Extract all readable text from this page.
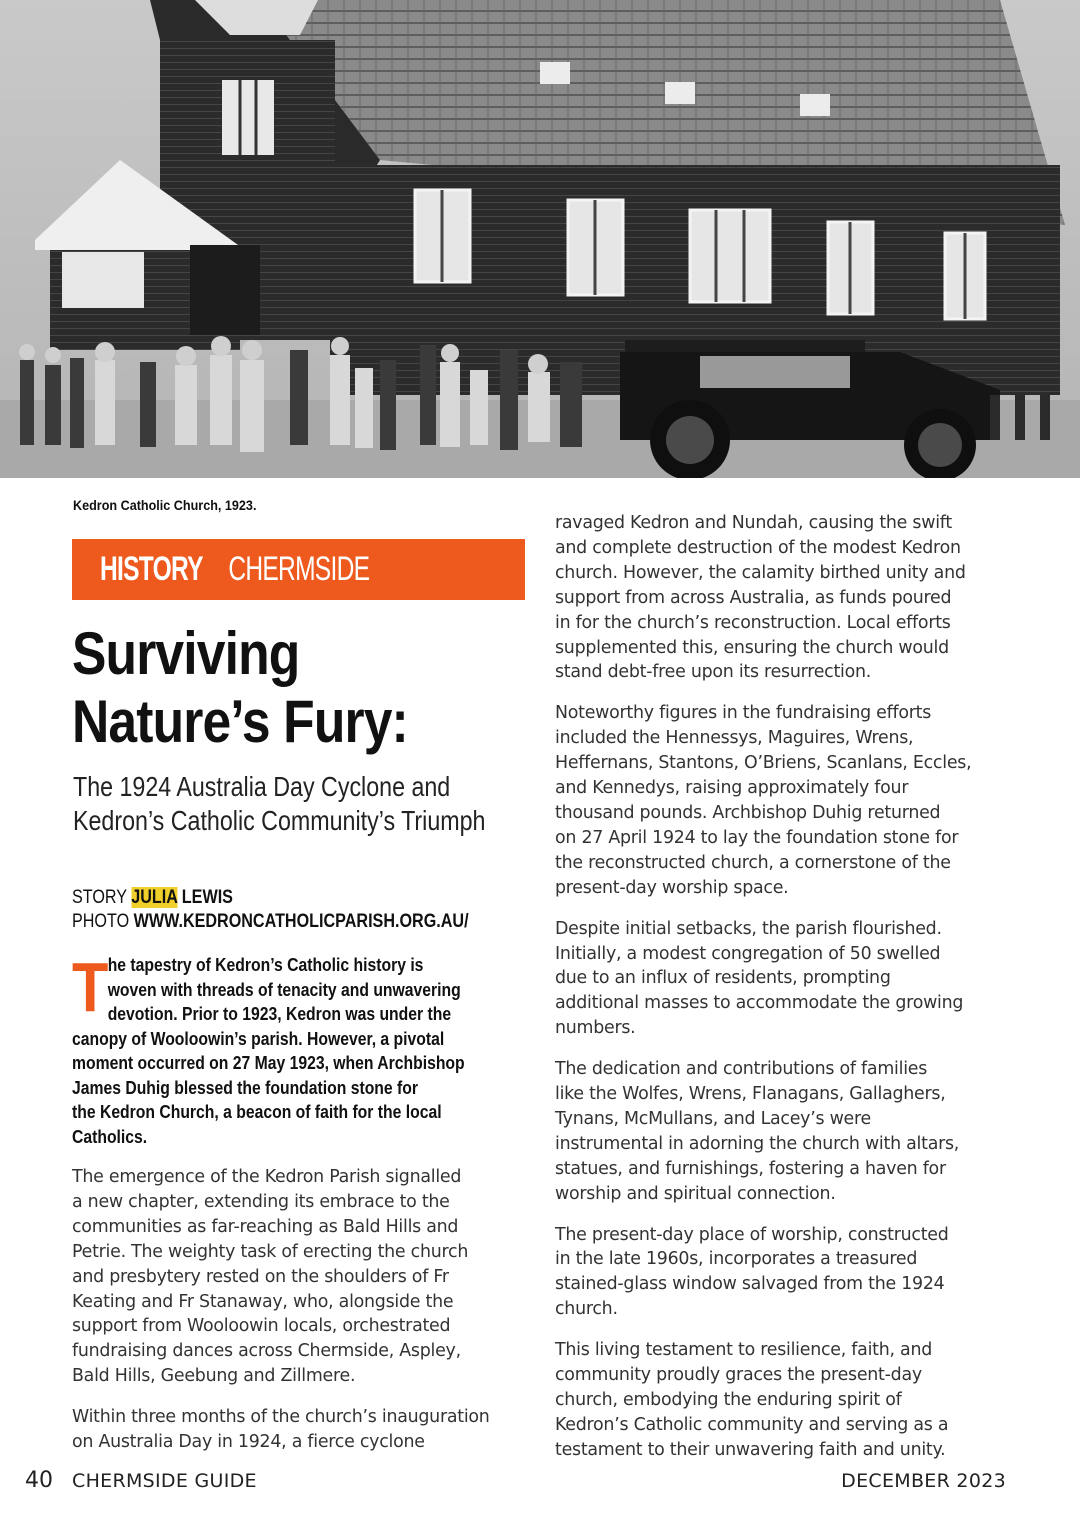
Kedron Catholic Church, 1923.
HISTORY CHERMSIDE
Surviving
Nature’s Fury:
The 1924 Australia Day Cyclone and
Kedron’s Catholic Community’s Triumph
STORY JULIA LEWIS
PHOTO WWW.KEDRONCATHOLICPARISH.ORG.AU/
T he tapestry of Kedron’s Catholic history is
woven with threads of tenacity and unwavering
devotion. Prior to 1923, Kedron was under the
canopy of Wooloowin’s parish. However, a pivotal
moment occurred on 27 May 1923, when Archbishop
James Duhig blessed the foundation stone for
the Kedron Church, a beacon of faith for the local
Catholics.

The emergence of the Kedron Parish signalled
a new chapter, extending its embrace to the
communities as far-reaching as Bald Hills and
Petrie. The weighty task of erecting the church
and presbytery rested on the shoulders of Fr
Keating and Fr Stanaway, who, alongside the
support from Wooloowin locals, orchestrated
fundraising dances across Chermside, Aspley,
Bald Hills, Geebung and Zillmere.

Within three months of the church’s inauguration
on Australia Day in 1924, a fierce cyclone

ravaged Kedron and Nundah, causing the swift
and complete destruction of the modest Kedron
church. However, the calamity birthed unity and
support from across Australia, as funds poured
in for the church’s reconstruction. Local efforts
supplemented this, ensuring the church would
stand debt-free upon its resurrection.

Noteworthy figures in the fundraising efforts
included the Hennessys, Maguires, Wrens,
Heffernans, Stantons, O’Briens, Scanlans, Eccles,
and Kennedys, raising approximately four
thousand pounds. Archbishop Duhig returned
on 27 April 1924 to lay the foundation stone for
the reconstructed church, a cornerstone of the
present-day worship space.

Despite initial setbacks, the parish flourished.
Initially, a modest congregation of 50 swelled
due to an influx of residents, prompting
additional masses to accommodate the growing
numbers.

The dedication and contributions of families
like the Wolfes, Wrens, Flanagans, Gallaghers,
Tynans, McMullans, and Lacey’s were
instrumental in adorning the church with altars,
statues, and furnishings, fostering a haven for
worship and spiritual connection.

The present-day place of worship, constructed
in the late 1960s, incorporates a treasured
stained-glass window salvaged from the 1924
church.

This living testament to resilience, faith, and
community proudly graces the present-day
church, embodying the enduring spirit of
Kedron’s Catholic community and serving as a
testament to their unwavering faith and unity.

40 CHERMSIDE GUIDE	DECEMBER 2023
